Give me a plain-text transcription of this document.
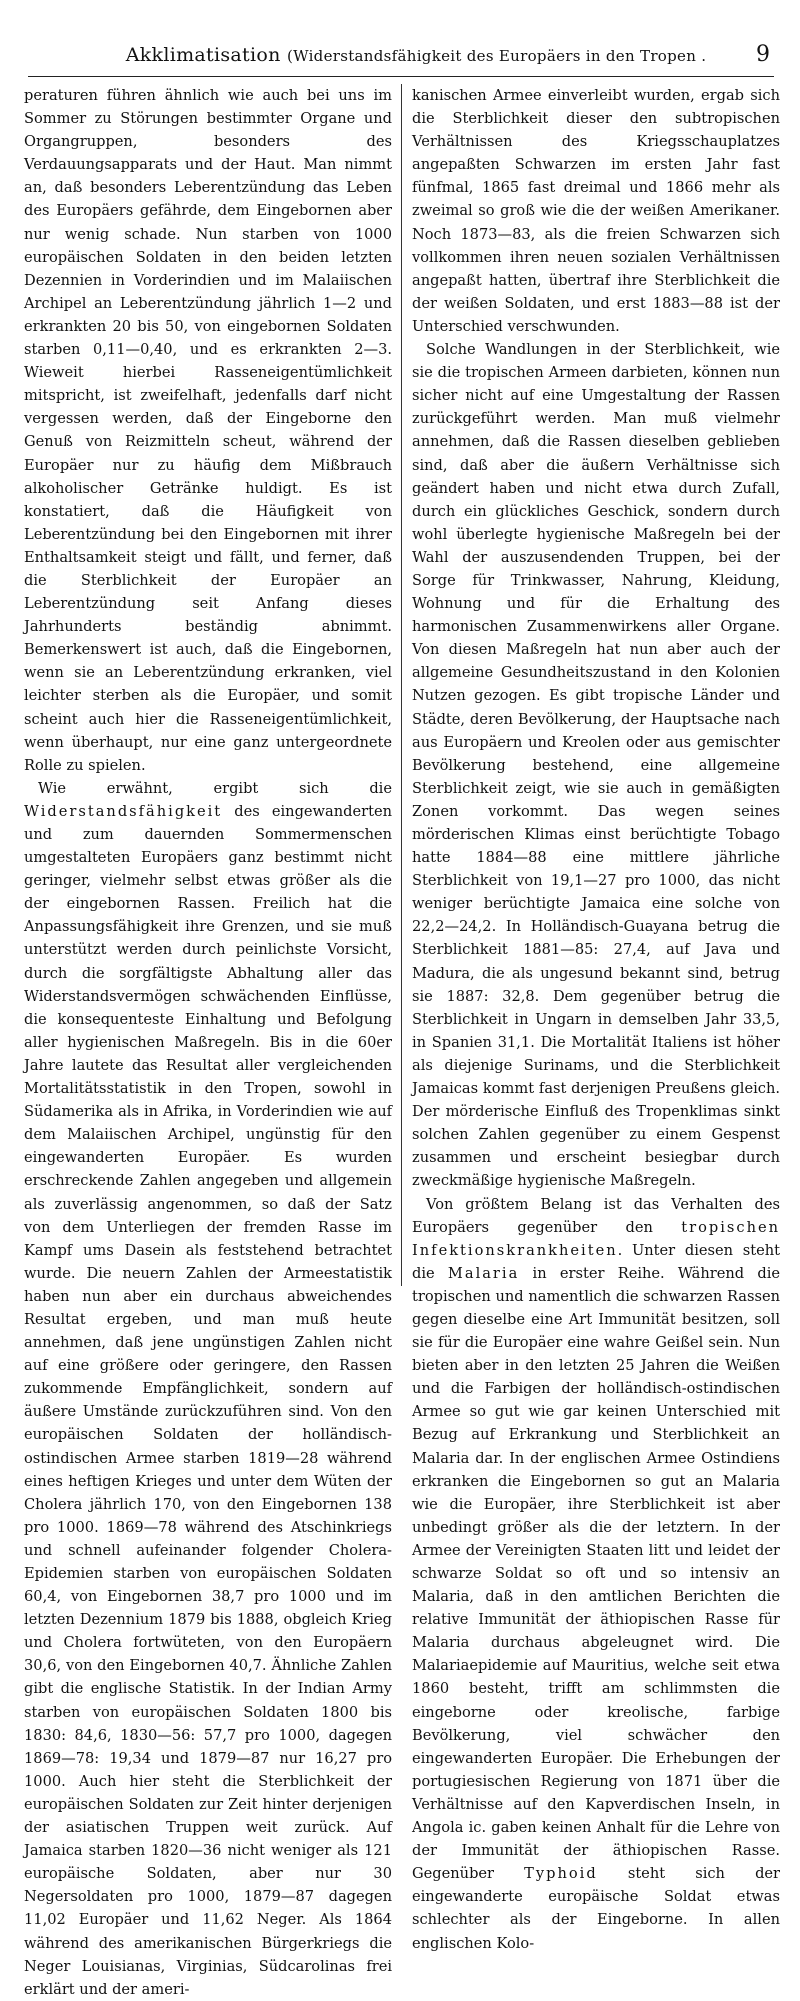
Akklimatisation (Widerstandsfähigkeit des Europäers in den Tropen .	9

peraturen führen ähnlich wie auch bei uns im Sommer zu Störungen bestimmter Organe und Organgruppen, besonders des Verdauungsapparats und der Haut. Man nimmt an, daß besonders Leberentzündung das Leben des Europäers gefährde, dem Eingebornen aber nur wenig schade. Nun starben von 1000 europäischen Soldaten in den beiden letzten Dezennien in Vorderindien und im Malaiischen Archipel an Leberentzündung jährlich 1—2 und erkrankten 20 bis 50, von eingebornen Soldaten starben 0,11—0,40, und es erkrankten 2—3. Wieweit hierbei Rasseneigentümlichkeit mitspricht, ist zweifelhaft, jedenfalls darf nicht vergessen werden, daß der Eingeborne den Genuß von Reizmitteln scheut, während der Europäer nur zu häufig dem Mißbrauch alkoholischer Getränke huldigt. Es ist konstatiert, daß die Häufigkeit von Leberentzündung bei den Eingebornen mit ihrer Enthaltsamkeit steigt und fällt, und ferner, daß die Sterblichkeit der Europäer an Leberentzündung seit Anfang dieses Jahrhunderts beständig abnimmt. Bemerkenswert ist auch, daß die Eingebornen, wenn sie an Leberentzündung erkranken, viel leichter sterben als die Europäer, und somit scheint auch hier die Rasseneigentümlichkeit, wenn überhaupt, nur eine ganz untergeordnete Rolle zu spielen.

Wie erwähnt, ergibt sich die Widerstandsfähigkeit des eingewanderten und zum dauernden Sommermenschen umgestalteten Europäers ganz bestimmt nicht geringer, vielmehr selbst etwas größer als die der eingebornen Rassen. Freilich hat die Anpassungsfähigkeit ihre Grenzen, und sie muß unterstützt werden durch peinlichste Vorsicht, durch die sorgfältigste Abhaltung aller das Widerstandsvermögen schwächenden Einflüsse, die konsequenteste Einhaltung und Befolgung aller hygienischen Maßregeln. Bis in die 60er Jahre lautete das Resultat aller vergleichenden Mortalitätsstatistik in den Tropen, sowohl in Südamerika als in Afrika, in Vorderindien wie auf dem Malaiischen Archipel, ungünstig für den eingewanderten Europäer. Es wurden erschreckende Zahlen angegeben und allgemein als zuverlässig angenommen, so daß der Satz von dem Unterliegen der fremden Rasse im Kampf ums Dasein als feststehend betrachtet wurde. Die neuern Zahlen der Armeestatistik haben nun aber ein durchaus abweichendes Resultat ergeben, und man muß heute annehmen, daß jene ungünstigen Zahlen nicht auf eine größere oder geringere, den Rassen zukommende Empfänglichkeit, sondern auf äußere Umstände zurückzuführen sind. Von den europäischen Soldaten der holländisch-ostindischen Armee starben 1819—28 während eines heftigen Krieges und unter dem Wüten der Cholera jährlich 170, von den Eingebornen 138 pro 1000. 1869—78 während des Atschinkriegs und schnell aufeinander folgender Cholera-Epidemien starben von europäischen Soldaten 60,4, von Eingebornen 38,7 pro 1000 und im letzten Dezennium 1879 bis 1888, obgleich Krieg und Cholera fortwüteten, von den Europäern 30,6, von den Eingebornen 40,7. Ähnliche Zahlen gibt die englische Statistik. In der Indian Army starben von europäischen Soldaten 1800 bis 1830: 84,6, 1830—56: 57,7 pro 1000, dagegen 1869—78: 19,34 und 1879—87 nur 16,27 pro 1000. Auch hier steht die Sterblichkeit der europäischen Soldaten zur Zeit hinter derjenigen der asiatischen Truppen weit zurück. Auf Jamaica starben 1820—36 nicht weniger als 121 europäische Soldaten, aber nur 30 Negersoldaten pro 1000, 1879—87 dagegen 11,02 Europäer und 11,62 Neger. Als 1864 während des amerikanischen Bürgerkriegs die Neger Louisianas, Virginias, Südcarolinas frei erklärt und der ameri-

kanischen Armee einverleibt wurden, ergab sich die Sterblichkeit dieser den subtropischen Verhältnissen des Kriegsschauplatzes angepaßten Schwarzen im ersten Jahr fast fünfmal, 1865 fast dreimal und 1866 mehr als zweimal so groß wie die der weißen Amerikaner. Noch 1873—83, als die freien Schwarzen sich vollkommen ihren neuen sozialen Verhältnissen angepaßt hatten, übertraf ihre Sterblichkeit die der weißen Soldaten, und erst 1883—88 ist der Unterschied verschwunden.

Solche Wandlungen in der Sterblichkeit, wie sie die tropischen Armeen darbieten, können nun sicher nicht auf eine Umgestaltung der Rassen zurückgeführt werden. Man muß vielmehr annehmen, daß die Rassen dieselben geblieben sind, daß aber die äußern Verhältnisse sich geändert haben und nicht etwa durch Zufall, durch ein glückliches Geschick, sondern durch wohl überlegte hygienische Maßregeln bei der Wahl der auszusendenden Truppen, bei der Sorge für Trinkwasser, Nahrung, Kleidung, Wohnung und für die Erhaltung des harmonischen Zusammenwirkens aller Organe. Von diesen Maßregeln hat nun aber auch der allgemeine Gesundheitszustand in den Kolonien Nutzen gezogen. Es gibt tropische Länder und Städte, deren Bevölkerung, der Hauptsache nach aus Europäern und Kreolen oder aus gemischter Bevölkerung bestehend, eine allgemeine Sterblichkeit zeigt, wie sie auch in gemäßigten Zonen vorkommt. Das wegen seines mörderischen Klimas einst berüchtigte Tobago hatte 1884—88 eine mittlere jährliche Sterblichkeit von 19,1—27 pro 1000, das nicht weniger berüchtigte Jamaica eine solche von 22,2—24,2. In Holländisch-Guayana betrug die Sterblichkeit 1881—85: 27,4, auf Java und Madura, die als ungesund bekannt sind, betrug sie 1887: 32,8. Dem gegenüber betrug die Sterblichkeit in Ungarn in demselben Jahr 33,5, in Spanien 31,1. Die Mortalität Italiens ist höher als diejenige Surinams, und die Sterblichkeit Jamaicas kommt fast derjenigen Preußens gleich. Der mörderische Einfluß des Tropenklimas sinkt solchen Zahlen gegenüber zu einem Gespenst zusammen und erscheint besiegbar durch zweckmäßige hygienische Maßregeln.

Von größtem Belang ist das Verhalten des Europäers gegenüber den tropischen Infektionskrankheiten. Unter diesen steht die Malaria in erster Reihe. Während die tropischen und namentlich die schwarzen Rassen gegen dieselbe eine Art Immunität besitzen, soll sie für die Europäer eine wahre Geißel sein. Nun bieten aber in den letzten 25 Jahren die Weißen und die Farbigen der holländisch-ostindischen Armee so gut wie gar keinen Unterschied mit Bezug auf Erkrankung und Sterblichkeit an Malaria dar. In der englischen Armee Ostindiens erkranken die Eingebornen so gut an Malaria wie die Europäer, ihre Sterblichkeit ist aber unbedingt größer als die der letztern. In der Armee der Vereinigten Staaten litt und leidet der schwarze Soldat so oft und so intensiv an Malaria, daß in den amtlichen Berichten die relative Immunität der äthiopischen Rasse für Malaria durchaus abgeleugnet wird. Die Malariaepidemie auf Mauritius, welche seit etwa 1860 besteht, trifft am schlimmsten die eingeborne oder kreolische, farbige Bevölkerung, viel schwächer den eingewanderten Europäer. Die Erhebungen der portugiesischen Regierung von 1871 über die Verhältnisse auf den Kapverdischen Inseln, in Angola ic. gaben keinen Anhalt für die Lehre von der Immunität der äthiopischen Rasse. Gegenüber Typhoid steht sich der eingewanderte europäische Soldat etwas schlechter als der Eingeborne. In allen englischen Kolo-
